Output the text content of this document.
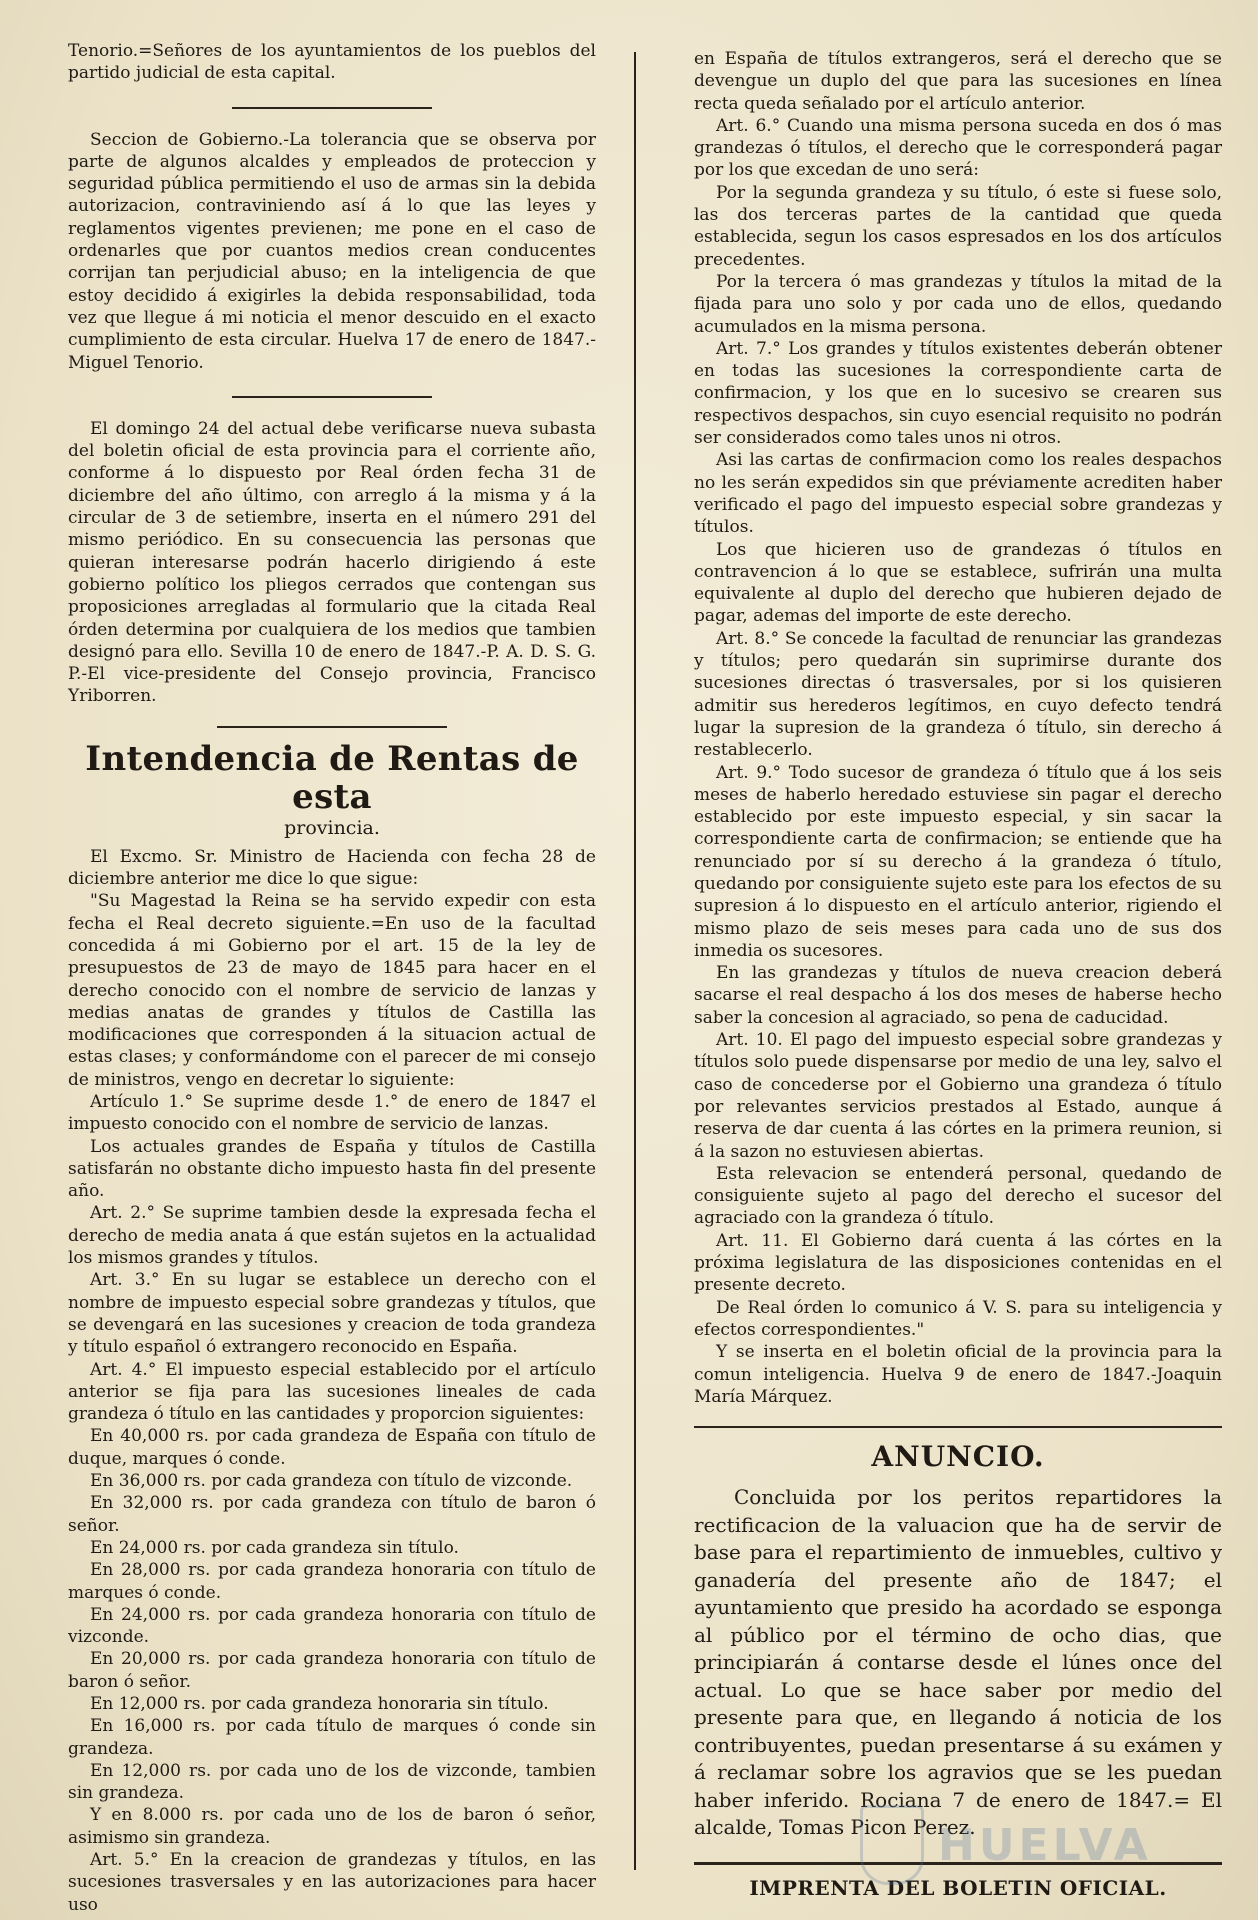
Tenorio.=Señores de los ayuntamientos de los pueblos del partido judicial de esta capital.

Seccion de Gobierno.-La tolerancia que se observa por parte de algunos alcaldes y empleados de proteccion y seguridad pública permitiendo el uso de armas sin la debida autorizacion, contraviniendo así á lo que las leyes y reglamentos vigentes previenen; me pone en el caso de ordenarles que por cuantos medios crean conducentes corrijan tan perjudicial abuso; en la inteligencia de que estoy decidido á exigirles la debida responsabilidad, toda vez que llegue á mi noticia el menor descuido en el exacto cumplimiento de esta circular. Huelva 17 de enero de 1847.-Miguel Tenorio.

El domingo 24 del actual debe verificarse nueva subasta del boletin oficial de esta provincia para el corriente año, conforme á lo dispuesto por Real órden fecha 31 de diciembre del año último, con arreglo á la misma y á la circular de 3 de setiembre, inserta en el número 291 del mismo periódico. En su consecuencia las personas que quieran interesarse podrán hacerlo dirigiendo á este gobierno político los pliegos cerrados que contengan sus proposiciones arregladas al formulario que la citada Real órden determina por cualquiera de los medios que tambien designó para ello. Sevilla 10 de enero de 1847.-P. A. D. S. G. P.-El vice-presidente del Consejo provincia, Francisco Yriborren.

Intendencia de Rentas de esta
provincia.

El Excmo. Sr. Ministro de Hacienda con fecha 28 de diciembre anterior me dice lo que sigue:

"Su Magestad la Reina se ha servido expedir con esta fecha el Real decreto siguiente.=En uso de la facultad concedida á mi Gobierno por el art. 15 de la ley de presupuestos de 23 de mayo de 1845 para hacer en el derecho conocido con el nombre de servicio de lanzas y medias anatas de grandes y títulos de Castilla las modificaciones que corresponden á la situacion actual de estas clases; y conformándome con el parecer de mi consejo de ministros, vengo en decretar lo siguiente:

Artículo 1.° Se suprime desde 1.° de enero de 1847 el impuesto conocido con el nombre de servicio de lanzas.

Los actuales grandes de España y títulos de Castilla satisfarán no obstante dicho impuesto hasta fin del presente año.

Art. 2.° Se suprime tambien desde la expresada fecha el derecho de media anata á que están sujetos en la actualidad los mismos grandes y títulos.

Art. 3.° En su lugar se establece un derecho con el nombre de impuesto especial sobre grandezas y títulos, que se devengará en las sucesiones y creacion de toda grandeza y título español ó extrangero reconocido en España.

Art. 4.° El impuesto especial establecido por el artículo anterior se fija para las sucesiones lineales de cada grandeza ó título en las cantidades y proporcion siguientes:

En 40,000 rs. por cada grandeza de España con título de duque, marques ó conde.

En 36,000 rs. por cada grandeza con título de vizconde.

En 32,000 rs. por cada grandeza con título de baron ó señor.

En 24,000 rs. por cada grandeza sin título.

En 28,000 rs. por cada grandeza honoraria con título de marques ó conde.

En 24,000 rs. por cada grandeza honoraria con título de vizconde.

En 20,000 rs. por cada grandeza honoraria con título de baron ó señor.

En 12,000 rs. por cada grandeza honoraria sin título.

En 16,000 rs. por cada título de marques ó conde sin grandeza.

En 12,000 rs. por cada uno de los de vizconde, tambien sin grandeza.

Y en 8.000 rs. por cada uno de los de baron ó señor, asimismo sin grandeza.

Art. 5.° En la creacion de grandezas y títulos, en las sucesiones trasversales y en las autorizaciones para hacer uso

en España de títulos extrangeros, será el derecho que se devengue un duplo del que para las sucesiones en línea recta queda señalado por el artículo anterior.

Art. 6.° Cuando una misma persona suceda en dos ó mas grandezas ó títulos, el derecho que le corresponderá pagar por los que excedan de uno será:

Por la segunda grandeza y su título, ó este si fuese solo, las dos terceras partes de la cantidad que queda establecida, segun los casos espresados en los dos artículos precedentes.

Por la tercera ó mas grandezas y títulos la mitad de la fijada para uno solo y por cada uno de ellos, quedando acumulados en la misma persona.

Art. 7.° Los grandes y títulos existentes deberán obtener en todas las sucesiones la correspondiente carta de confirmacion, y los que en lo sucesivo se crearen sus respectivos despachos, sin cuyo esencial requisito no podrán ser considerados como tales unos ni otros.

Asi las cartas de confirmacion como los reales despachos no les serán expedidos sin que préviamente acrediten haber verificado el pago del impuesto especial sobre grandezas y títulos.

Los que hicieren uso de grandezas ó títulos en contravencion á lo que se establece, sufrirán una multa equivalente al duplo del derecho que hubieren dejado de pagar, ademas del importe de este derecho.

Art. 8.° Se concede la facultad de renunciar las grandezas y títulos; pero quedarán sin suprimirse durante dos sucesiones directas ó trasversales, por si los quisieren admitir sus herederos legítimos, en cuyo defecto tendrá lugar la supresion de la grandeza ó título, sin derecho á restablecerlo.

Art. 9.° Todo sucesor de grandeza ó título que á los seis meses de haberlo heredado estuviese sin pagar el derecho establecido por este impuesto especial, y sin sacar la correspondiente carta de confirmacion; se entiende que ha renunciado por sí su derecho á la grandeza ó título, quedando por consiguiente sujeto este para los efectos de su supresion á lo dispuesto en el artículo anterior, rigiendo el mismo plazo de seis meses para cada uno de sus dos inmedia os sucesores.

En las grandezas y títulos de nueva creacion deberá sacarse el real despacho á los dos meses de haberse hecho saber la concesion al agraciado, so pena de caducidad.

Art. 10. El pago del impuesto especial sobre grandezas y títulos solo puede dispensarse por medio de una ley, salvo el caso de concederse por el Gobierno una grandeza ó título por relevantes servicios prestados al Estado, aunque á reserva de dar cuenta á las córtes en la primera reunion, si á la sazon no estuviesen abiertas.

Esta relevacion se entenderá personal, quedando de consiguiente sujeto al pago del derecho el sucesor del agraciado con la grandeza ó título.

Art. 11. El Gobierno dará cuenta á las córtes en la próxima legislatura de las disposiciones contenidas en el presente decreto.

De Real órden lo comunico á V. S. para su inteligencia y efectos correspondientes."

Y se inserta en el boletin oficial de la provincia para la comun inteligencia. Huelva 9 de enero de 1847.-Joaquin María Márquez.

ANUNCIO.

Concluida por los peritos repartidores la rectificacion de la valuacion que ha de servir de base para el repartimiento de inmuebles, cultivo y ganadería del presente año de 1847; el ayuntamiento que presido ha acordado se esponga al público por el término de ocho dias, que principiarán á contarse desde el lúnes once del actual. Lo que se hace saber por medio del presente para que, en llegando á noticia de los contribuyentes, puedan presentarse á su exámen y á reclamar sobre los agravios que se les puedan haber inferido. Rociana 7 de enero de 1847.= El alcalde, Tomas Picon Perez.

IMPRENTA DEL BOLETIN OFICIAL.
HUELVA
